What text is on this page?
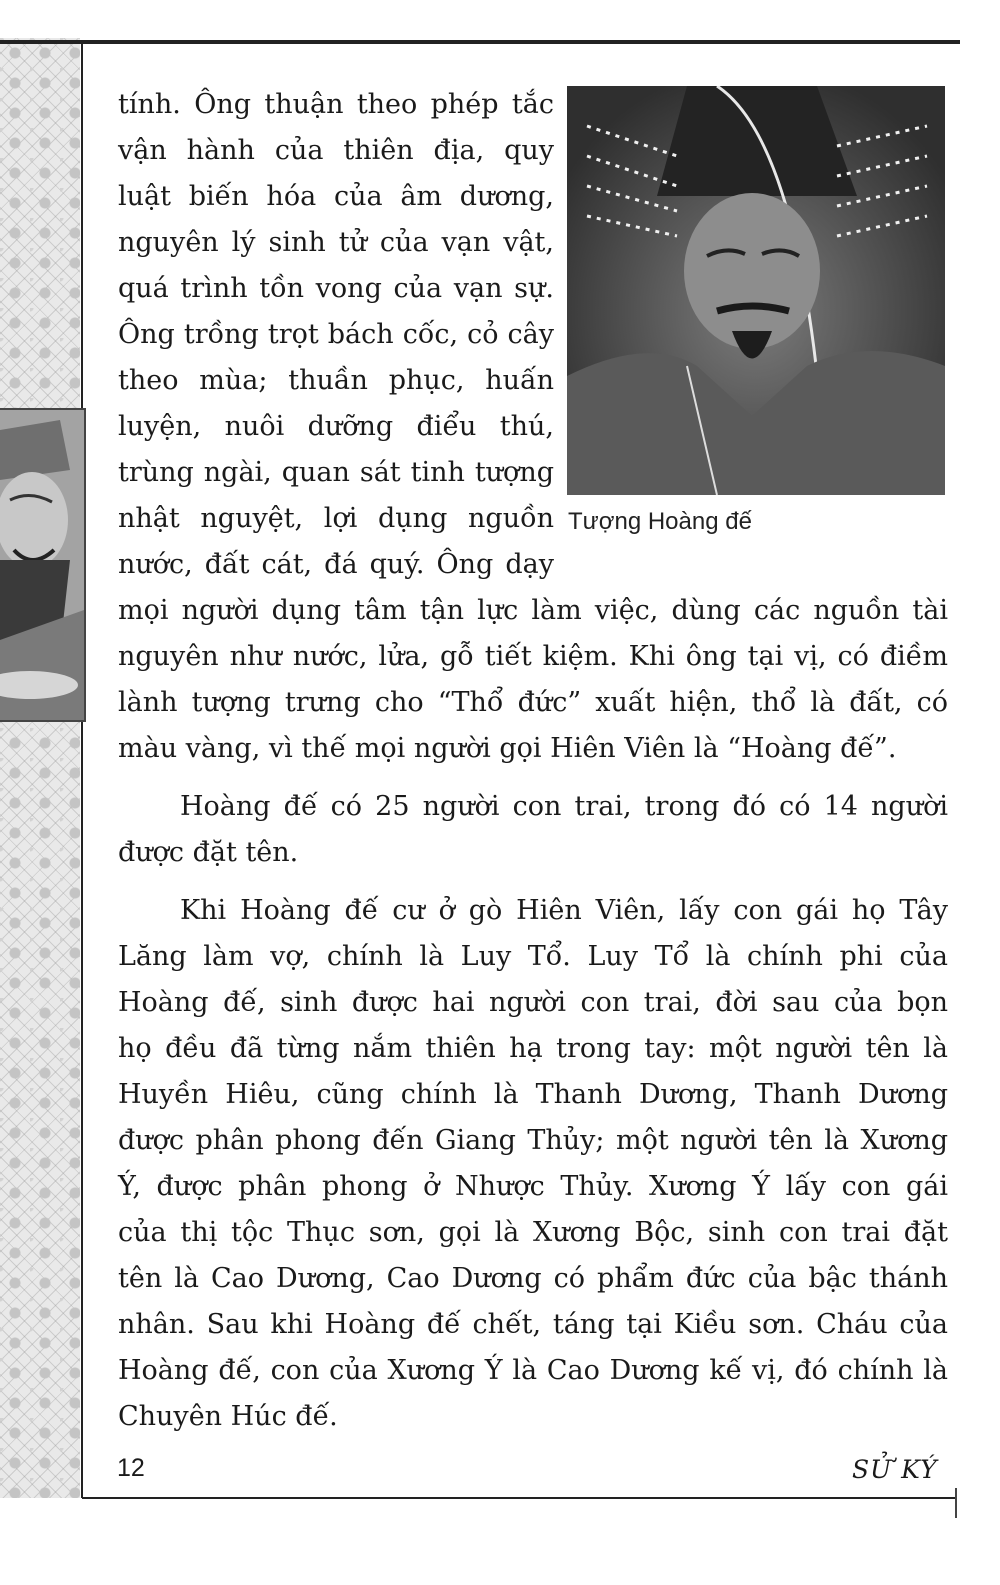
Tượng Hoàng đế
tính. Ông thuận theo phép tắc
vận hành của thiên địa, quy
luật biến hóa của âm dương,
nguyên lý sinh tử của vạn vật,
quá trình tồn vong của vạn sự.
Ông trồng trọt bách cốc, cỏ cây
theo mùa; thuần phục, huấn
luyện, nuôi dưỡng điểu thú,
trùng ngài, quan sát tinh tượng
nhật nguyệt, lợi dụng nguồn
nước, đất cát, đá quý. Ông dạy
mọi người dụng tâm tận lực làm việc, dùng các nguồn tài
nguyên như nước, lửa, gỗ tiết kiệm. Khi ông tại vị, có điềm
lành tượng trưng cho “Thổ đức” xuất hiện, thổ là đất, có
màu vàng, vì thế mọi người gọi Hiên Viên là “Hoàng đế”.
Hoàng đế có 25 người con trai, trong đó có 14 người
được đặt tên.
Khi Hoàng đế cư ở gò Hiên Viên, lấy con gái họ Tây
Lăng làm vợ, chính là Luy Tổ. Luy Tổ là chính phi của
Hoàng đế, sinh được hai người con trai, đời sau của bọn
họ đều đã từng nắm thiên hạ trong tay: một người tên là
Huyền Hiêu, cũng chính là Thanh Dương, Thanh Dương
được phân phong đến Giang Thủy; một người tên là Xương
Ý, được phân phong ở Nhược Thủy. Xương Ý lấy con gái
của thị tộc Thục sơn, gọi là Xương Bộc, sinh con trai đặt
tên là Cao Dương, Cao Dương có phẩm đức của bậc thánh
nhân. Sau khi Hoàng đế chết, táng tại Kiều sơn. Cháu của
Hoàng đế, con của Xương Ý là Cao Dương kế vị, đó chính là
Chuyên Húc đế.
12	SỬ KÝ
